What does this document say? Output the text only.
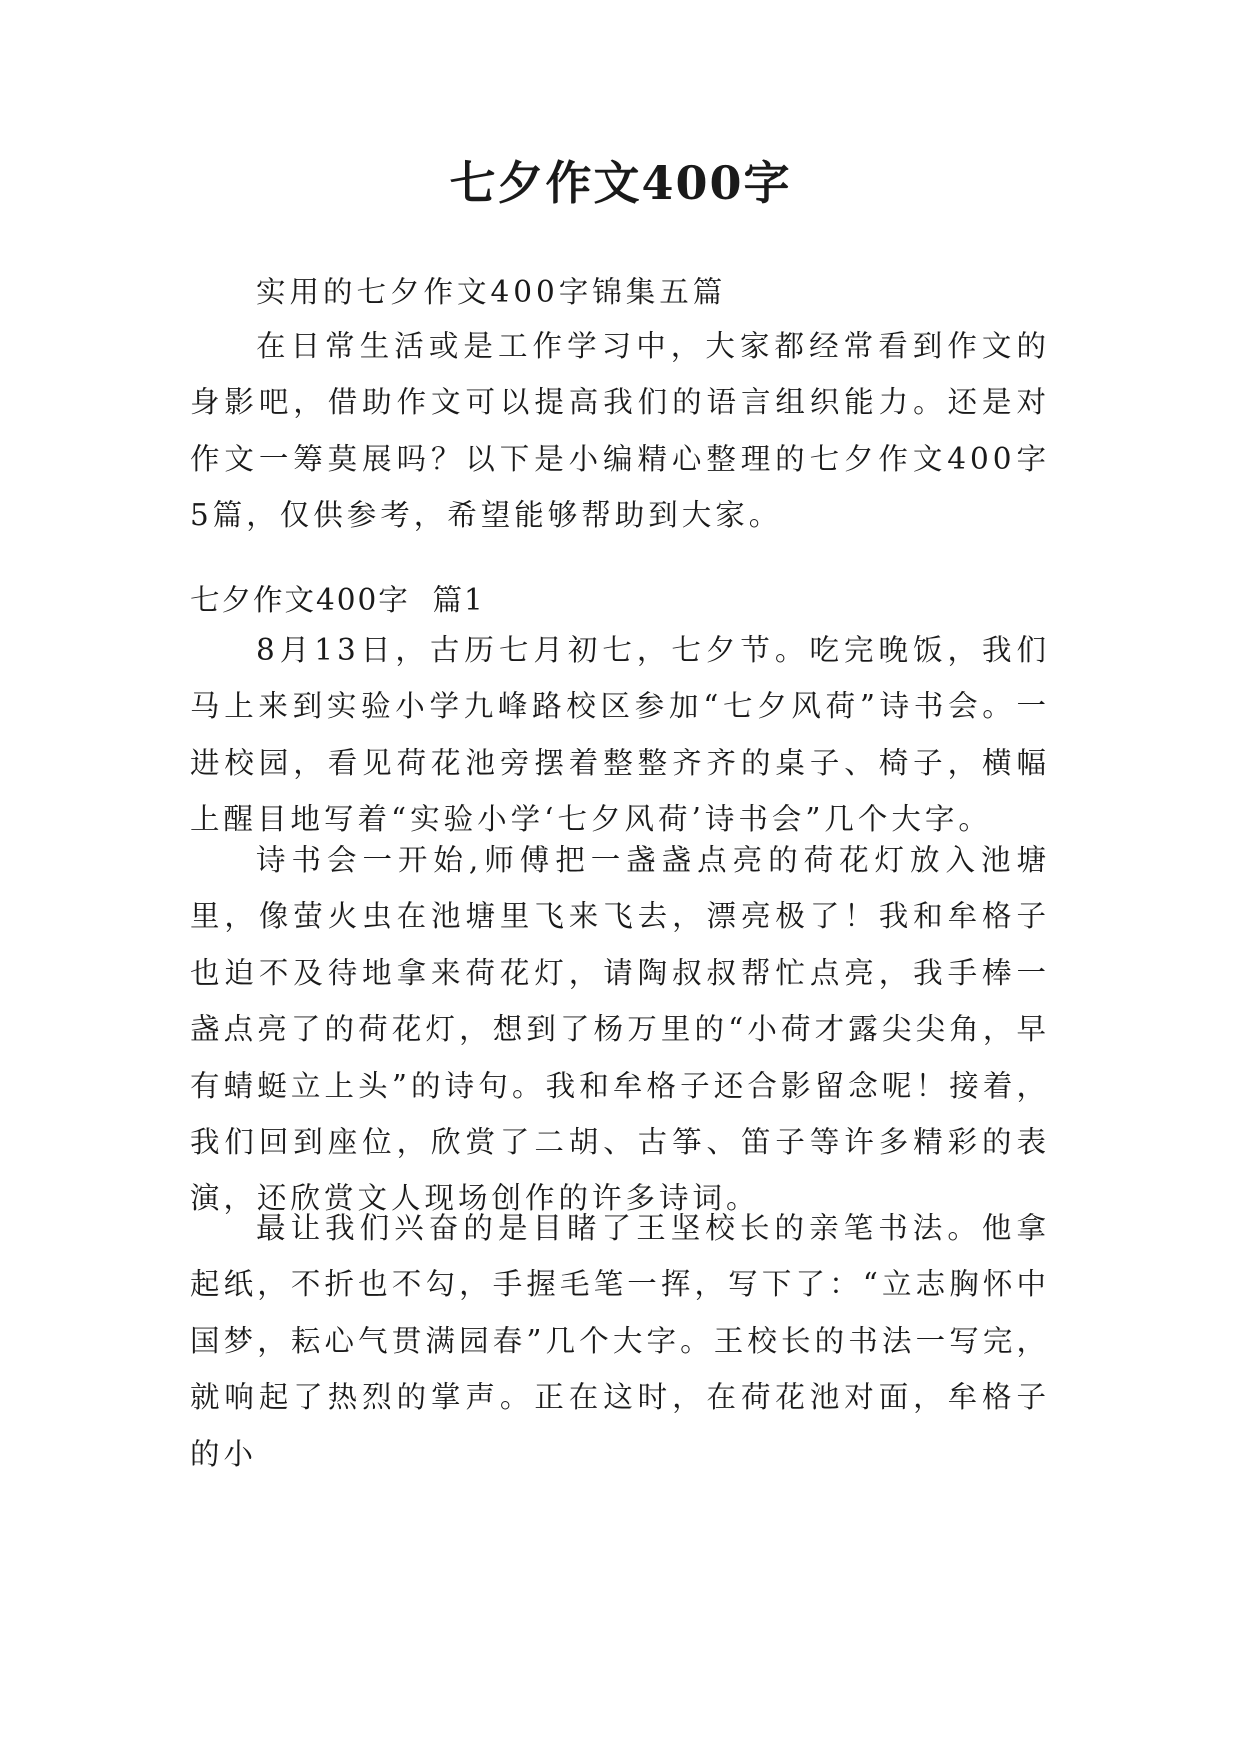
七夕作文400字

实用的七夕作文400字锦集五篇

在日常生活或是工作学习中，大家都经常看到作文的身影吧，借助作文可以提高我们的语言组织能力。还是对作文一筹莫展吗？以下是小编精心整理的七夕作文400字5篇，仅供参考，希望能够帮助到大家。

七夕作文400字  篇1

8月13日，古历七月初七，七夕节。吃完晚饭，我们马上来到实验小学九峰路校区参加“七夕风荷”诗书会。一进校园，看见荷花池旁摆着整整齐齐的桌子、椅子，横幅上醒目地写着“实验小学‘七夕风荷’诗书会”几个大字。

诗书会一开始,师傅把一盏盏点亮的荷花灯放入池塘里，像萤火虫在池塘里飞来飞去，漂亮极了！我和牟格子也迫不及待地拿来荷花灯，请陶叔叔帮忙点亮，我手棒一盏点亮了的荷花灯，想到了杨万里的“小荷才露尖尖角，早有蜻蜓立上头”的诗句。我和牟格子还合影留念呢！接着，我们回到座位，欣赏了二胡、古筝、笛子等许多精彩的表演，还欣赏文人现场创作的许多诗词。

最让我们兴奋的是目睹了王坚校长的亲笔书法。他拿起纸，不折也不勾，手握毛笔一挥，写下了：“立志胸怀中国梦，耘心气贯满园春”几个大字。王校长的书法一写完，就响起了热烈的掌声。正在这时，在荷花池对面，牟格子的小
